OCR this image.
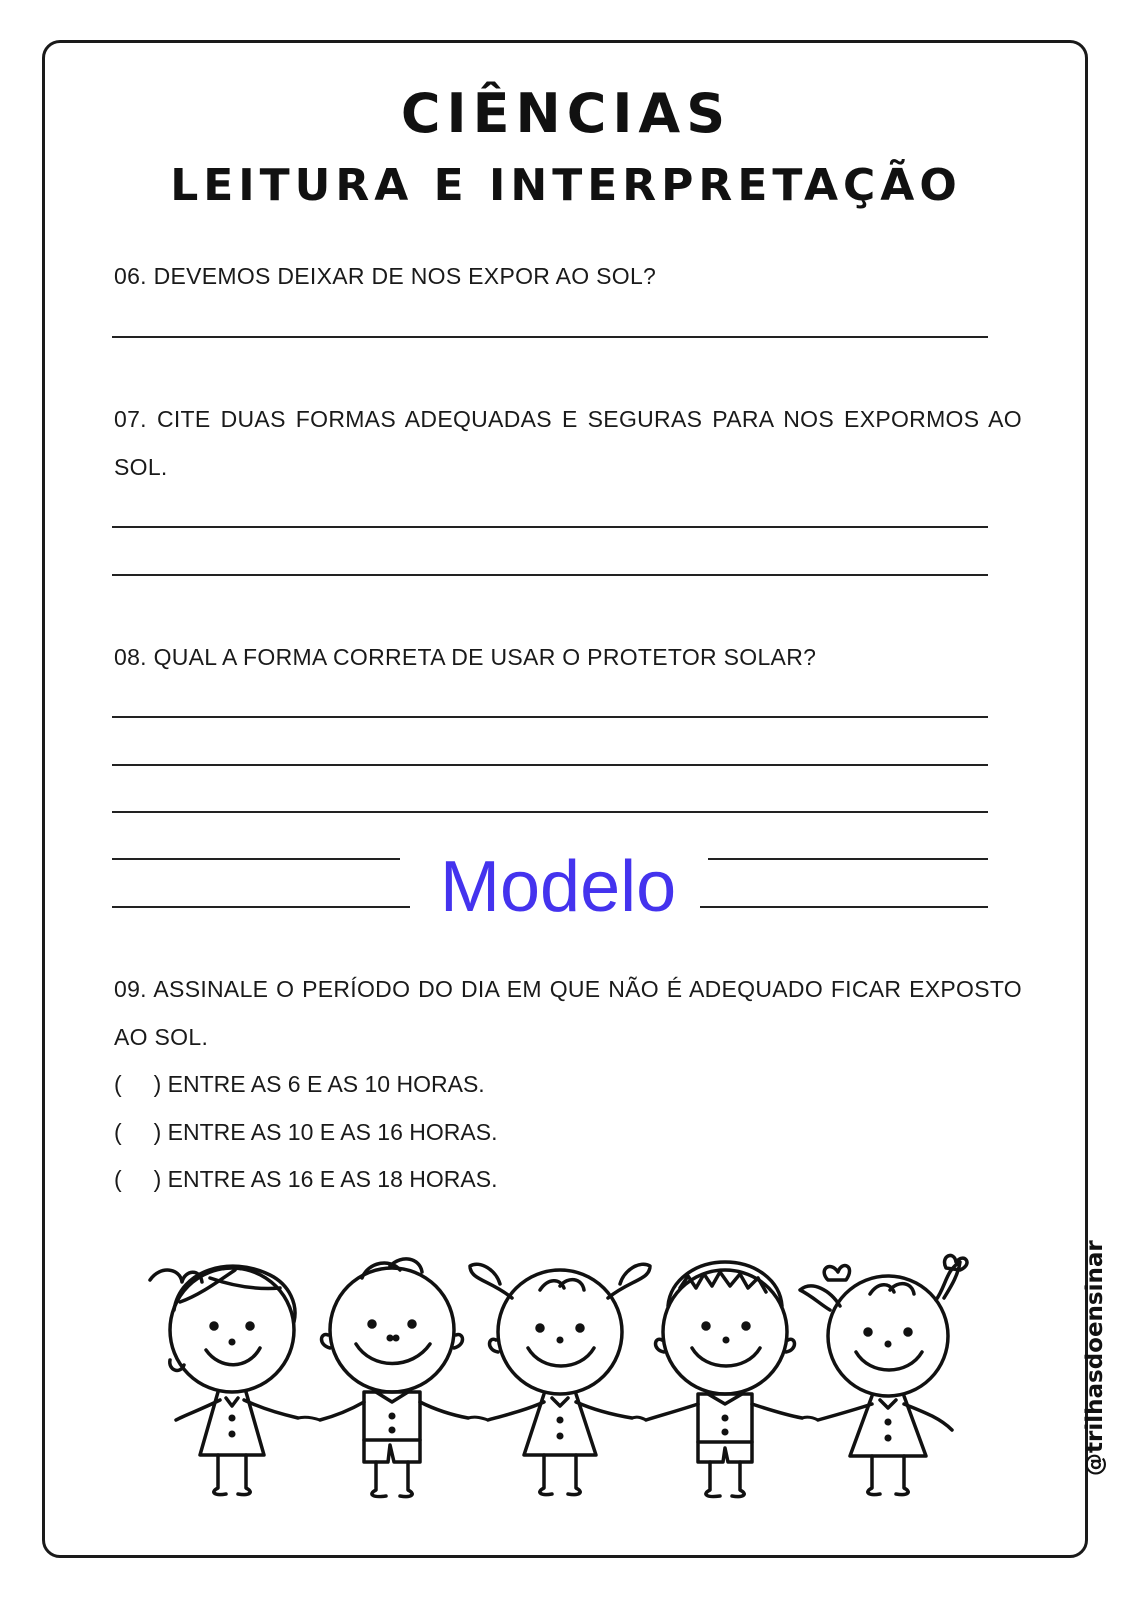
CIÊNCIAS
LEITURA E INTERPRETAÇÃO
06. DEVEMOS DEIXAR DE NOS EXPOR AO SOL?
07. CITE DUAS FORMAS ADEQUADAS E SEGURAS PARA NOS EXPORMOS AO SOL.
08. QUAL A FORMA CORRETA DE USAR O PROTETOR SOLAR?
Modelo
09. ASSINALE O PERÍODO DO DIA EM QUE NÃO É ADEQUADO FICAR EXPOSTO AO SOL.
(     ) ENTRE AS 6 E AS 10 HORAS.
(     ) ENTRE AS 10 E AS 16 HORAS.
(     ) ENTRE AS 16 E AS 18 HORAS.
@trilhasdoensinar
